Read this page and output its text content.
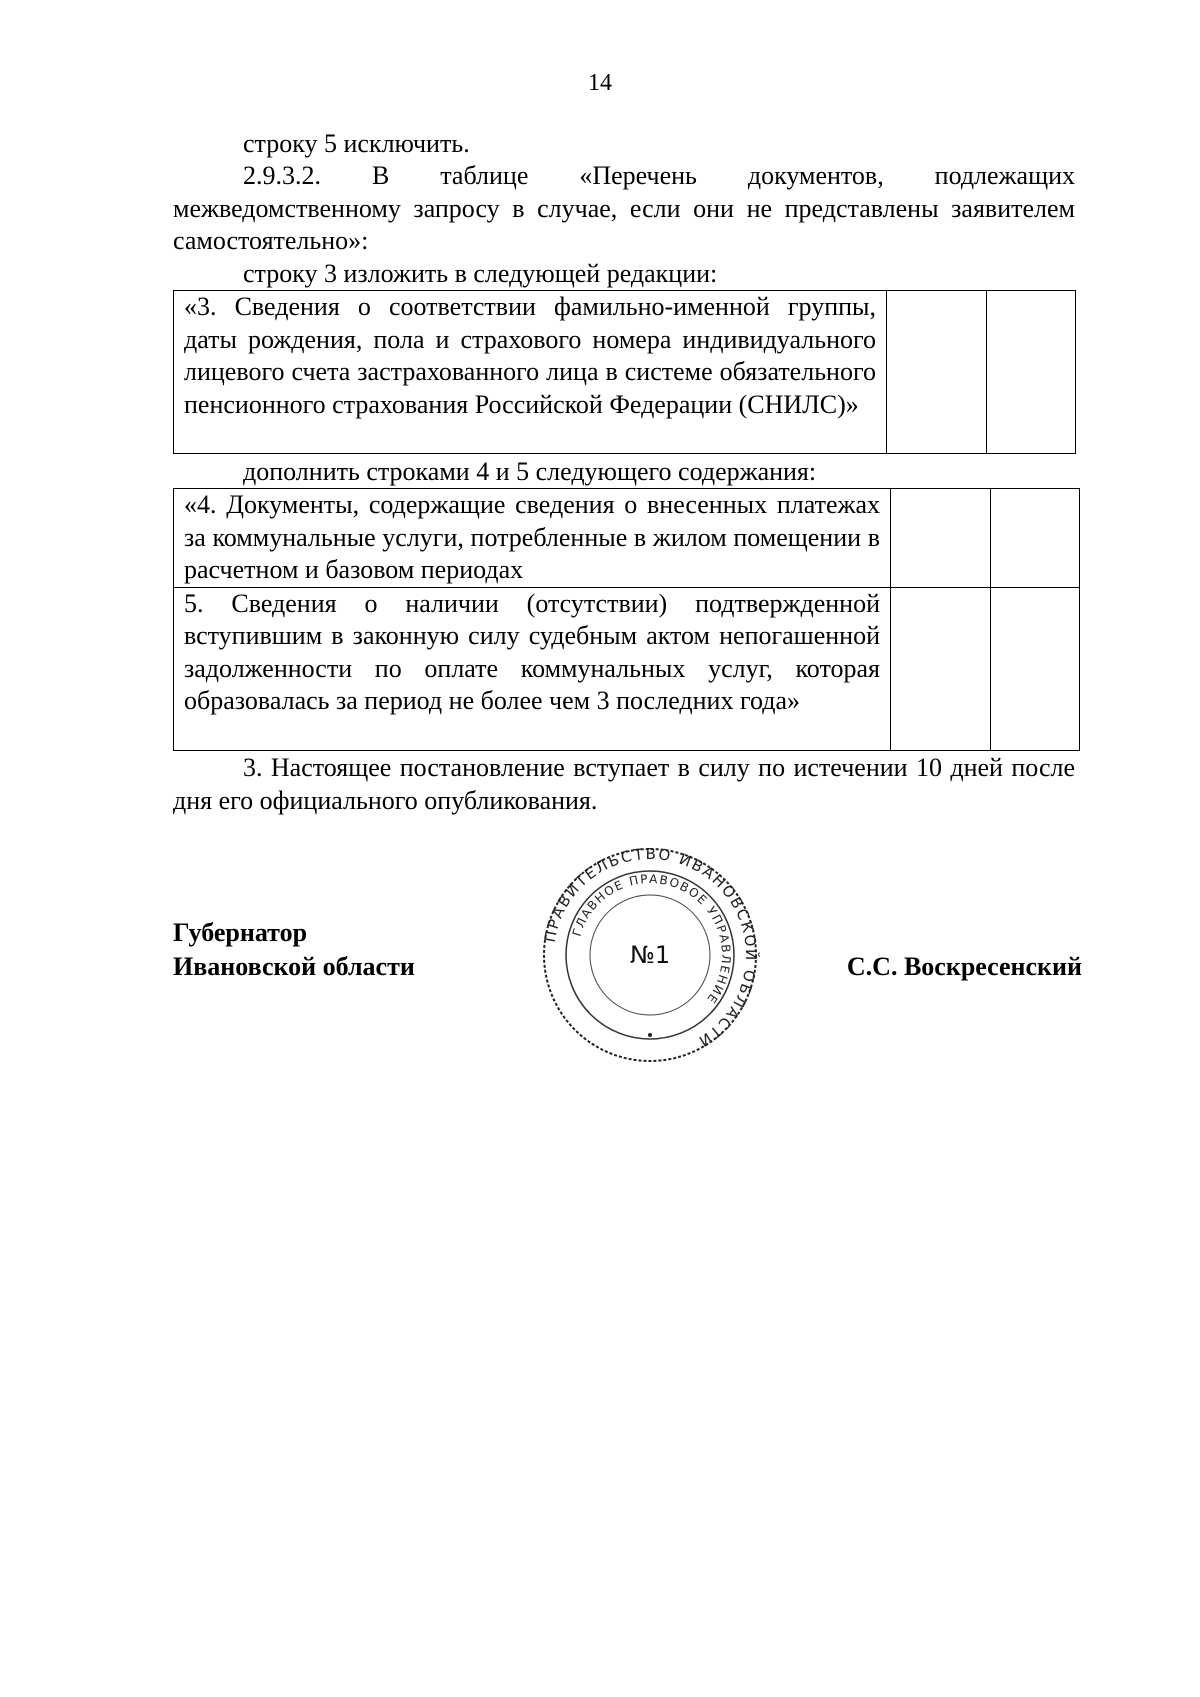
14

строку 5 исключить.

2.9.3.2. В таблице «Перечень документов, подлежащих межведомственному запросу в случае, если они не представлены заявителем самостоятельно»:

строку 3 изложить в следующей редакции:

«3. Сведения о соответствии фамильно-именной группы, даты рождения, пола и страхового номера индивидуального лицевого счета застрахованного лица в системе обязательного пенсионного страхования Российской Федерации (СНИЛС)»		

дополнить строками 4 и 5 следующего содержания:

«4. Документы, содержащие сведения о внесенных платежах за коммунальные услуги, потребленные в жилом помещении в расчетном и базовом периодах		
5. Сведения о наличии (отсутствии) подтвержденной вступившим в законную силу судебным актом непогашенной задолженности по оплате коммунальных услуг, которая образовалась за период не более чем 3 последних года»		

3. Настоящее постановление вступает в силу по истечении 10 дней после дня его официального опубликования.

Губернатор
Ивановской области
ПРАВИТЕЛЬСТВО ИВАНОВСКОЙ ОБЛАСТИ
ГЛАВНОЕ ПРАВОВОЕ УПРАВЛЕНИЕ
№1	С.С. Воскресенский
